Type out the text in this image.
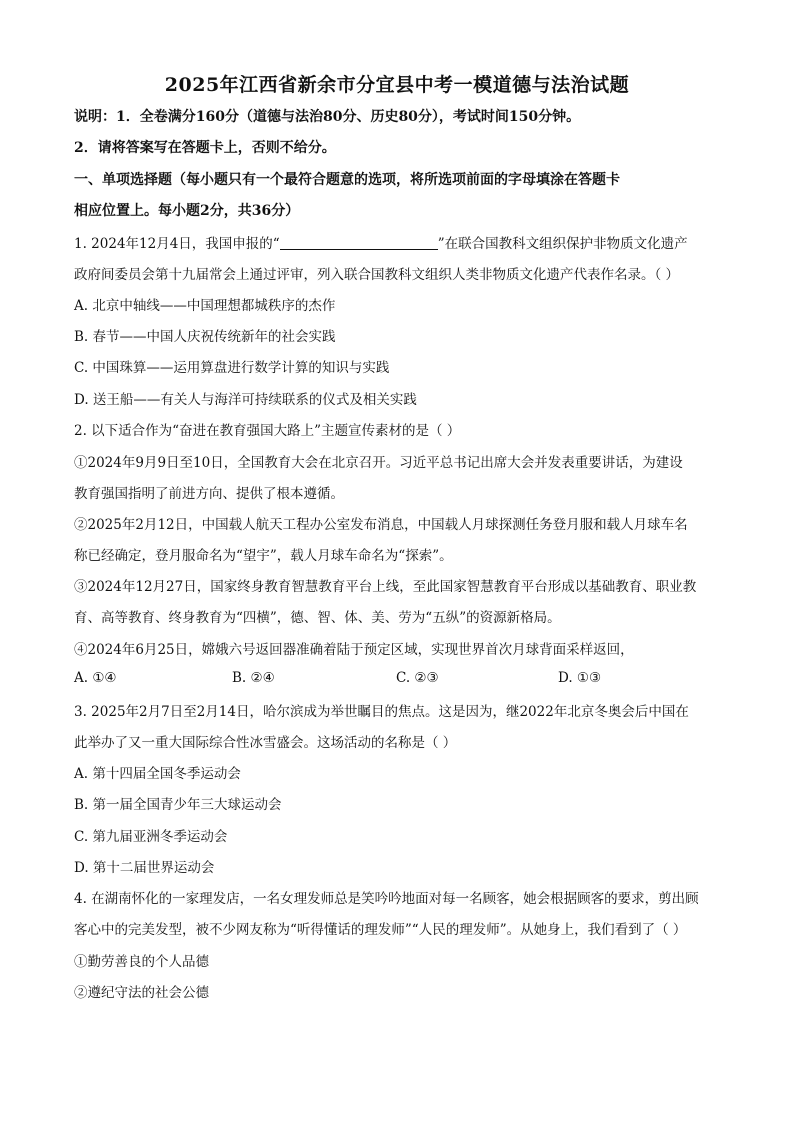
2025年江西省新余市分宜县中考一模道德与法治试题
说明：1．全卷满分160分（道德与法治80分、历史80分），考试时间150分钟。
2．请将答案写在答题卡上，否则不给分。
一、单项选择题（每小题只有一个最符合题意的选项，将所选项前面的字母填涂在答题卡
相应位置上。每小题2分，共36分）
1. 2024年12月4日，我国申报的“	”在联合国教科文组织保护非物质文化遗产
政府间委员会第十九届常会上通过评审，列入联合国教科文组织人类非物质文化遗产代表作名录。（ ）
A. 北京中轴线——中国理想都城秩序的杰作
B. 春节——中国人庆祝传统新年的社会实践
C. 中国珠算——运用算盘进行数学计算的知识与实践
D. 送王船——有关人与海洋可持续联系的仪式及相关实践
2. 以下适合作为“奋进在教育强国大路上”主题宣传素材的是（ ）
①2024年9月9日至10日，全国教育大会在北京召开。习近平总书记出席大会并发表重要讲话，为建设
教育强国指明了前进方向、提供了根本遵循。
②2025年2月12日，中国载人航天工程办公室发布消息，中国载人月球探测任务登月服和载人月球车名
称已经确定，登月服命名为“望宇”，载人月球车命名为“探索”。
③2024年12月27日，国家终身教育智慧教育平台上线，至此国家智慧教育平台形成以基础教育、职业教
育、高等教育、终身教育为“四横”，德、智、体、美、劳为“五纵”的资源新格局。
④2024年6月25日，嫦娥六号返回器准确着陆于预定区域，实现世界首次月球背面采样返回，
A. ①④	B. ②④	C. ②③	D. ①③
3. 2025年2月7日至2月14日，哈尔滨成为举世瞩目的焦点。这是因为，继2022年北京冬奥会后中国在
此举办了又一重大国际综合性冰雪盛会。这场活动的名称是（ ）
A. 第十四届全国冬季运动会
B. 第一届全国青少年三大球运动会
C. 第九届亚洲冬季运动会
D. 第十二届世界运动会
4. 在湖南怀化的一家理发店，一名女理发师总是笑吟吟地面对每一名顾客，她会根据顾客的要求，剪出顾
客心中的完美发型，被不少网友称为“听得懂话的理发师”“人民的理发师”。从她身上，我们看到了（ ）
①勤劳善良的个人品德
②遵纪守法的社会公德
